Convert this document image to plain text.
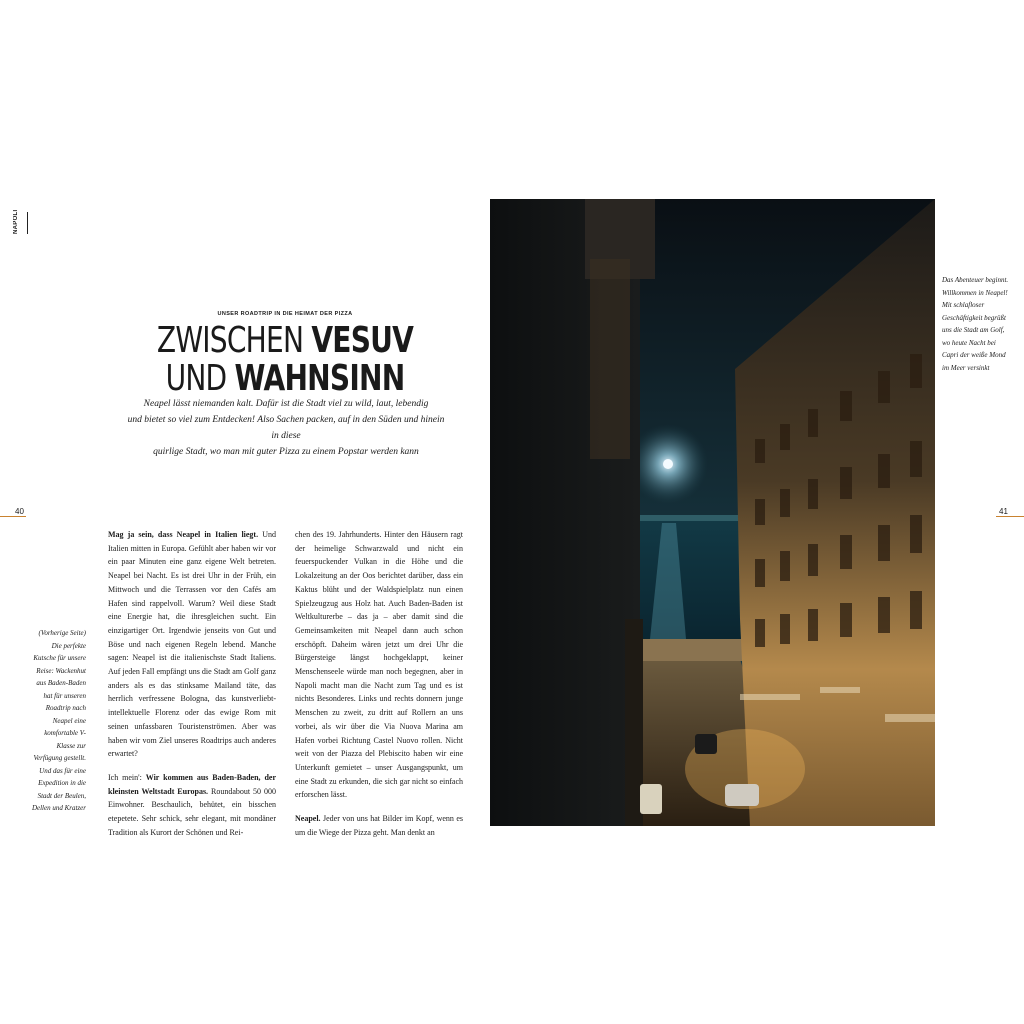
NAPOLI
UNSER ROADTRIP IN DIE HEIMAT DER PIZZA
ZWISCHEN VESUV
UND WAHNSINN
Neapel lässt niemanden kalt. Dafür ist die Stadt viel zu wild, laut, lebendig
und bietet so viel zum Entdecken! Also Sachen packen, auf in den Süden und hinein in diese
quirlige Stadt, wo man mit guter Pizza zu einem Popstar werden kann
40	41
(Vorherige Seite) Die perfekte Kutsche für unsere Reise: Wackenhut aus Baden-Baden hat für unseren Roadtrip nach Neapel eine komfortable V-Klasse zur Verfügung gestellt. Und das für eine Expedition in die Stadt der Beulen, Dellen und Kratzer

Mag ja sein, dass Neapel in Italien liegt. Und Italien mitten in Europa. Gefühlt aber haben wir vor ein paar Minuten eine ganz eigene Welt betreten. Neapel bei Nacht. Es ist drei Uhr in der Früh, ein Mittwoch und die Terrassen vor den Cafés am Hafen sind rappelvoll. Warum? Weil diese Stadt eine Energie hat, die ihresgleichen sucht. Ein einzigartiger Ort. Irgendwie jenseits von Gut und Böse und nach eigenen Regeln lebend. Manche sagen: Neapel ist die italienischste Stadt Italiens. Auf jeden Fall empfängt uns die Stadt am Golf ganz anders als es das stinksame Mailand täte, das herrlich verfressene Bologna, das kunstverliebt-intellektuelle Florenz oder das ewige Rom mit seinen unfassbaren Touristenströmen. Aber was haben wir vom Ziel unseres Roadtrips auch anderes erwartet?

Ich mein': Wir kommen aus Baden-Baden, der kleinsten Weltstadt Europas. Roundabout 50 000 Einwohner. Beschaulich, behütet, ein bisschen etepetete. Sehr schick, sehr elegant, mit mondäner Tradition als Kurort der Schönen und Rei-

chen des 19. Jahrhunderts. Hinter den Häusern ragt der heimelige Schwarzwald und nicht ein feuerspuckender Vulkan in die Höhe und die Lokalzeitung an der Oos berichtet darüber, dass ein Kaktus blüht und der Waldspielplatz nun einen Spielzeugzug aus Holz hat. Auch Baden-Baden ist Weltkulturerbe – das ja – aber damit sind die Gemeinsamkeiten mit Neapel dann auch schon erschöpft. Daheim wären jetzt um drei Uhr die Bürgersteige längst hochgeklappt, keiner Menschenseele würde man noch begegnen, aber in Napoli macht man die Nacht zum Tag und es ist nichts Besonderes. Links und rechts donnern junge Menschen zu zweit, zu dritt auf Rollern an uns vorbei, als wir über die Via Nuova Marina am Hafen vorbei Richtung Castel Nuovo rollen. Nicht weit von der Piazza del Plebiscito haben wir eine Unterkunft gemietet – unser Ausgangspunkt, um eine Stadt zu erkunden, die sich gar nicht so einfach erforschen lässt.

Neapel. Jeder von uns hat Bilder im Kopf, wenn es um die Wiege der Pizza geht. Man denkt an

Das Abenteuer beginnt. Willkommen in Neapel! Mit schlafloser Geschäftigkeit begrüßt uns die Stadt am Golf, wo heute Nacht bei Capri der weiße Mond im Meer versinkt
